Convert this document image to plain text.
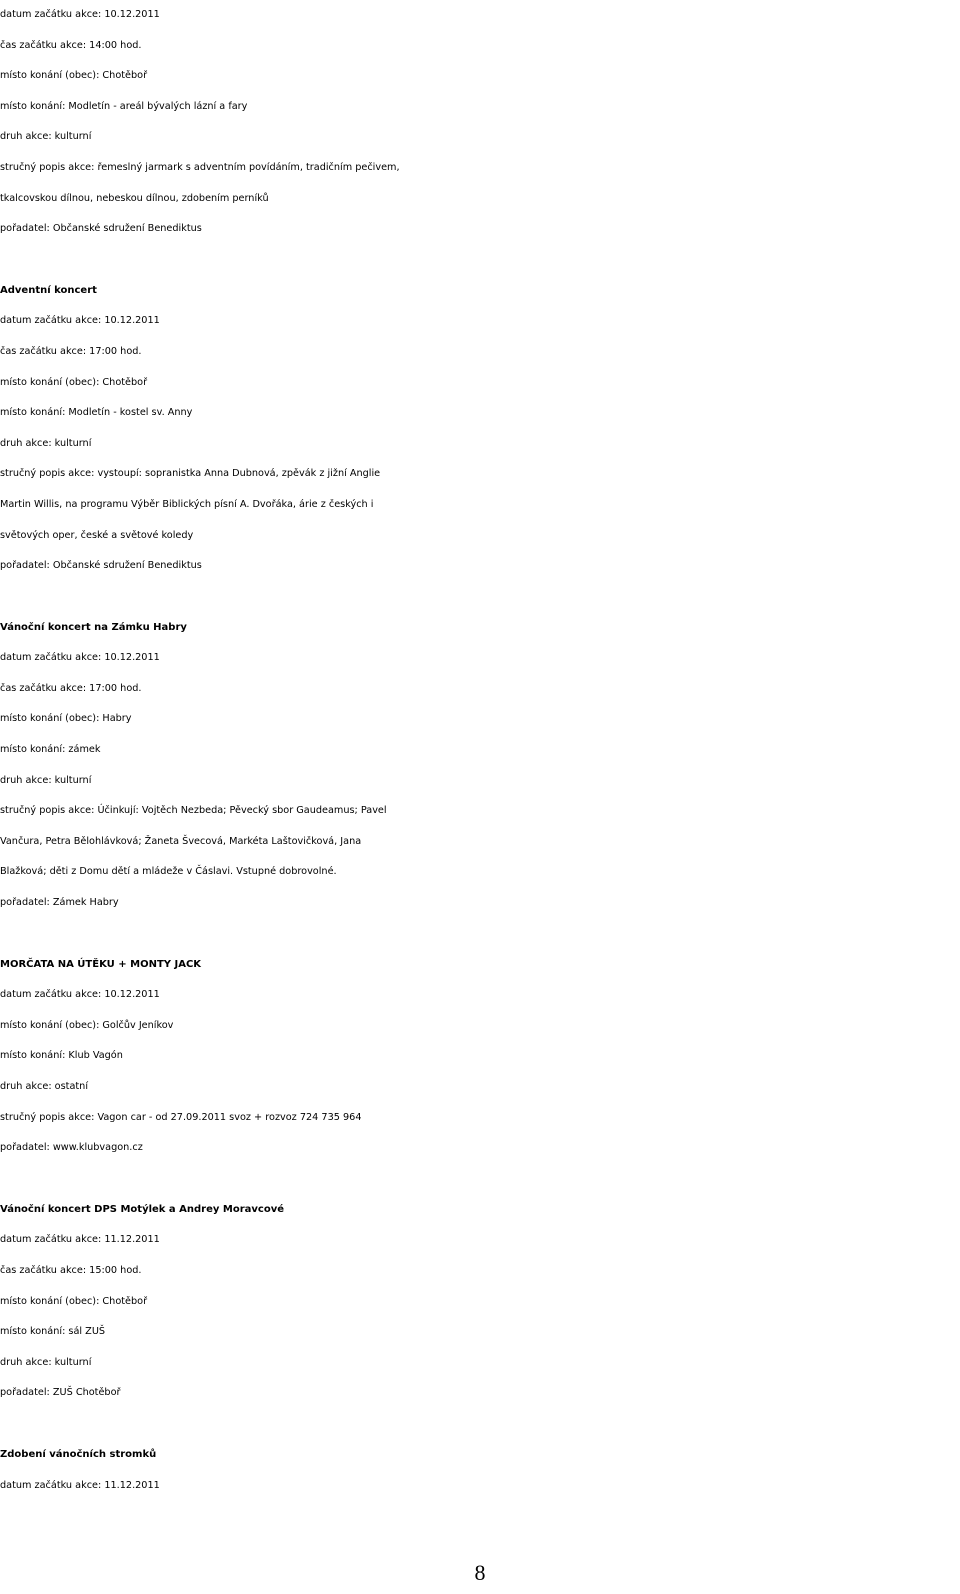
datum začátku akce: 10.12.2011
čas začátku akce: 14:00 hod.
místo konání (obec): Chotěboř
místo konání: Modletín - areál bývalých lázní a fary
druh akce: kulturní
stručný popis akce: řemeslný jarmark s adventním povídáním, tradičním pečivem,
tkalcovskou dílnou, nebeskou dílnou, zdobením perníků
pořadatel: Občanské sdružení Benediktus
Adventní koncert
datum začátku akce: 10.12.2011
čas začátku akce: 17:00 hod.
místo konání (obec): Chotěboř
místo konání: Modletín - kostel sv. Anny
druh akce: kulturní
stručný popis akce: vystoupí: sopranistka Anna Dubnová, zpěvák z jižní Anglie
Martin Willis, na programu Výběr Biblických písní A. Dvořáka, árie z českých i
světových oper, české a světové koledy
pořadatel: Občanské sdružení Benediktus
Vánoční koncert na Zámku Habry
datum začátku akce: 10.12.2011
čas začátku akce: 17:00 hod.
místo konání (obec): Habry
místo konání: zámek
druh akce: kulturní
stručný popis akce: Účinkují: Vojtěch Nezbeda; Pěvecký sbor Gaudeamus; Pavel
Vančura, Petra Bělohlávková; Žaneta Švecová, Markéta Laštovičková, Jana
Blažková; děti z Domu dětí a mládeže v Čáslavi. Vstupné dobrovolné.
pořadatel: Zámek Habry
MORČATA NA ÚTĚKU + MONTY JACK
datum začátku akce: 10.12.2011
místo konání (obec): Golčův Jeníkov
místo konání: Klub Vagón
druh akce: ostatní
stručný popis akce: Vagon car - od 27.09.2011 svoz + rozvoz 724 735 964
pořadatel: www.klubvagon.cz
Vánoční koncert DPS Motýlek a Andrey Moravcové
datum začátku akce: 11.12.2011
čas začátku akce: 15:00 hod.
místo konání (obec): Chotěboř
místo konání: sál ZUŠ
druh akce: kulturní
pořadatel: ZUŠ Chotěboř
Zdobení vánočních stromků
datum začátku akce: 11.12.2011
8
